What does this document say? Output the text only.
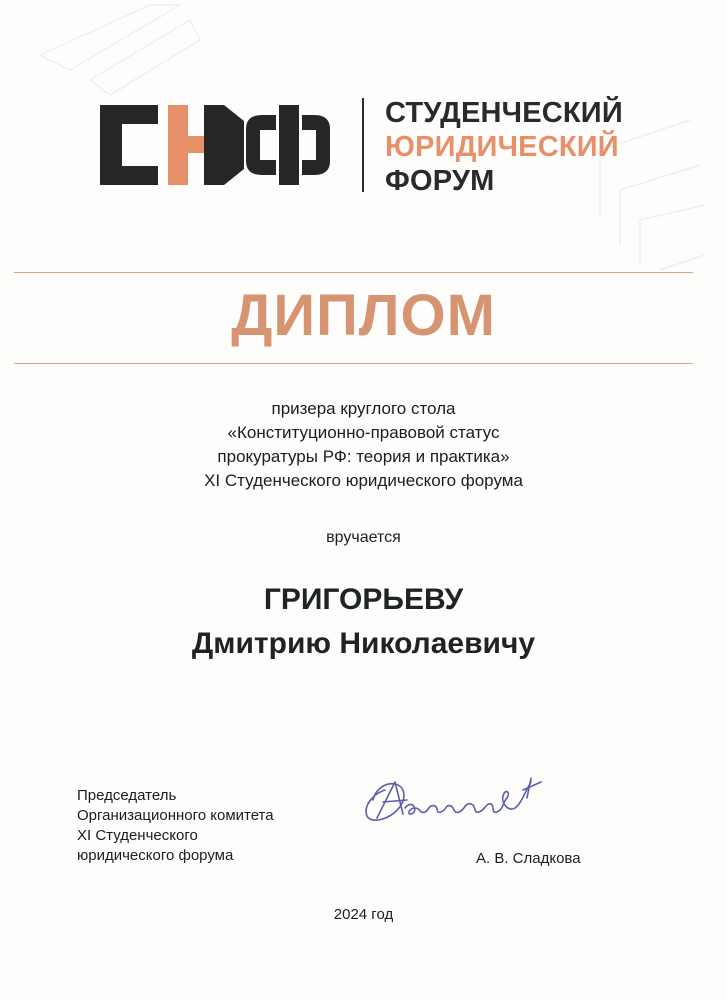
СТУДЕНЧЕСКИЙ
ЮРИДИЧЕСКИЙ
ФОРУМ
ДИПЛОМ
призера круглого стола
«Конституционно-правовой статус
прокуратуры РФ: теория и практика»
XI Студенческого юридического форума
вручается
ГРИГОРЬЕВУ
Дмитрию Николаевичу
Председатель
Организационного комитета
XI Студенческого
юридического форума	А. В. Сладкова
2024 год
